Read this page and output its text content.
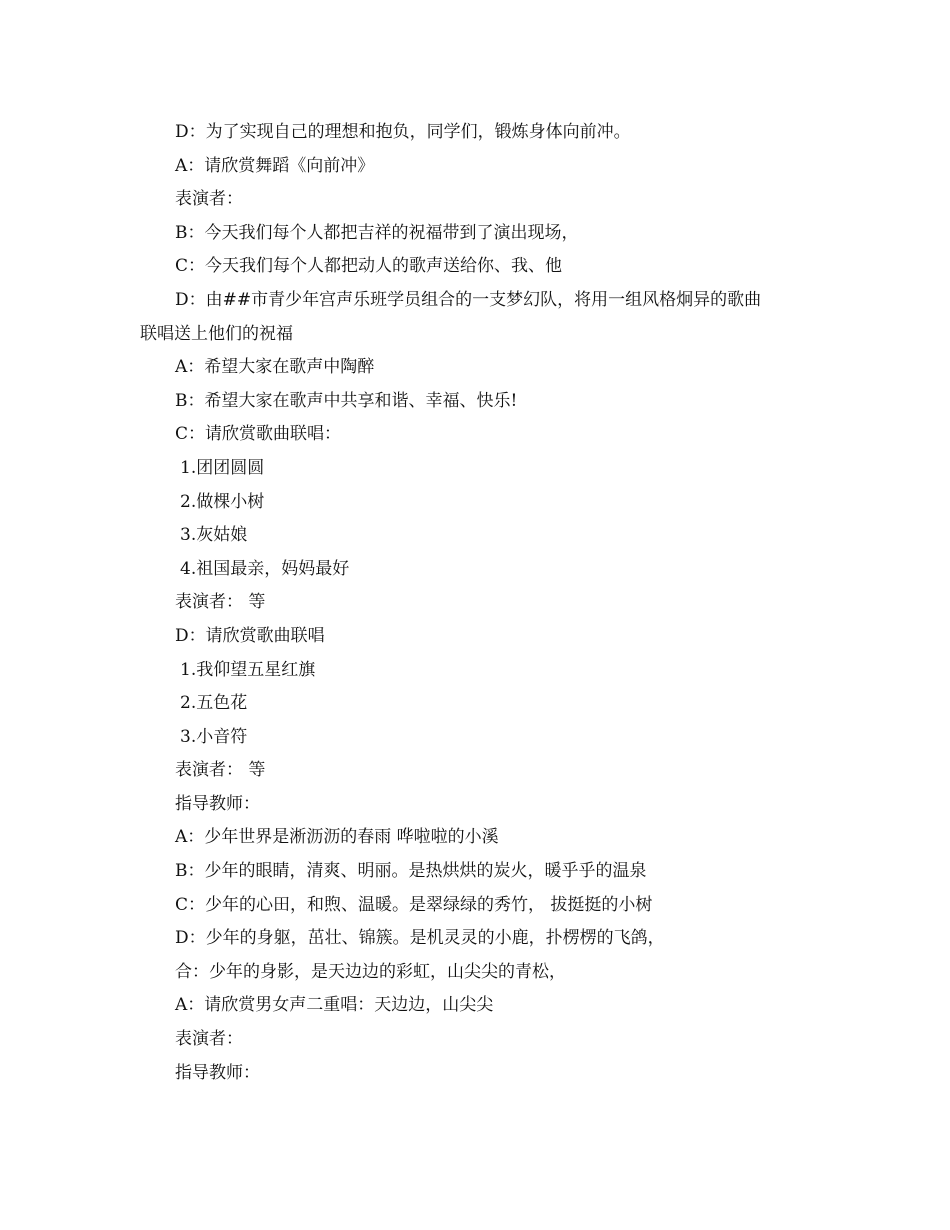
D：为了实现自己的理想和抱负，同学们，锻炼身体向前冲。

A：请欣赏舞蹈《向前冲》

表演者：

B：今天我们每个人都把吉祥的祝福带到了演出现场，

C：今天我们每个人都把动人的歌声送给你、我、他

D：由##市青少年宫声乐班学员组合的一支梦幻队，将用一组风格炯异的歌曲

联唱送上他们的祝福

A：希望大家在歌声中陶醉

B：希望大家在歌声中共享和谐、幸福、快乐!

C：请欣赏歌曲联唱：

1.团团圆圆

2.做棵小树

3.灰姑娘

4.祖国最亲，妈妈最好

表演者： 等

D：请欣赏歌曲联唱

1.我仰望五星红旗

2.五色花

3.小音符

表演者： 等

指导教师：

A：少年世界是淅沥沥的春雨 哗啦啦的小溪

B：少年的眼睛，清爽、明丽。是热烘烘的炭火，暖乎乎的温泉

C：少年的心田，和煦、温暖。是翠绿绿的秀竹， 拔挺挺的小树

D：少年的身躯，茁壮、锦簇。是机灵灵的小鹿，扑楞楞的飞鸽，

合：少年的身影，是天边边的彩虹，山尖尖的青松，

A：请欣赏男女声二重唱：天边边，山尖尖

表演者：

指导教师：
